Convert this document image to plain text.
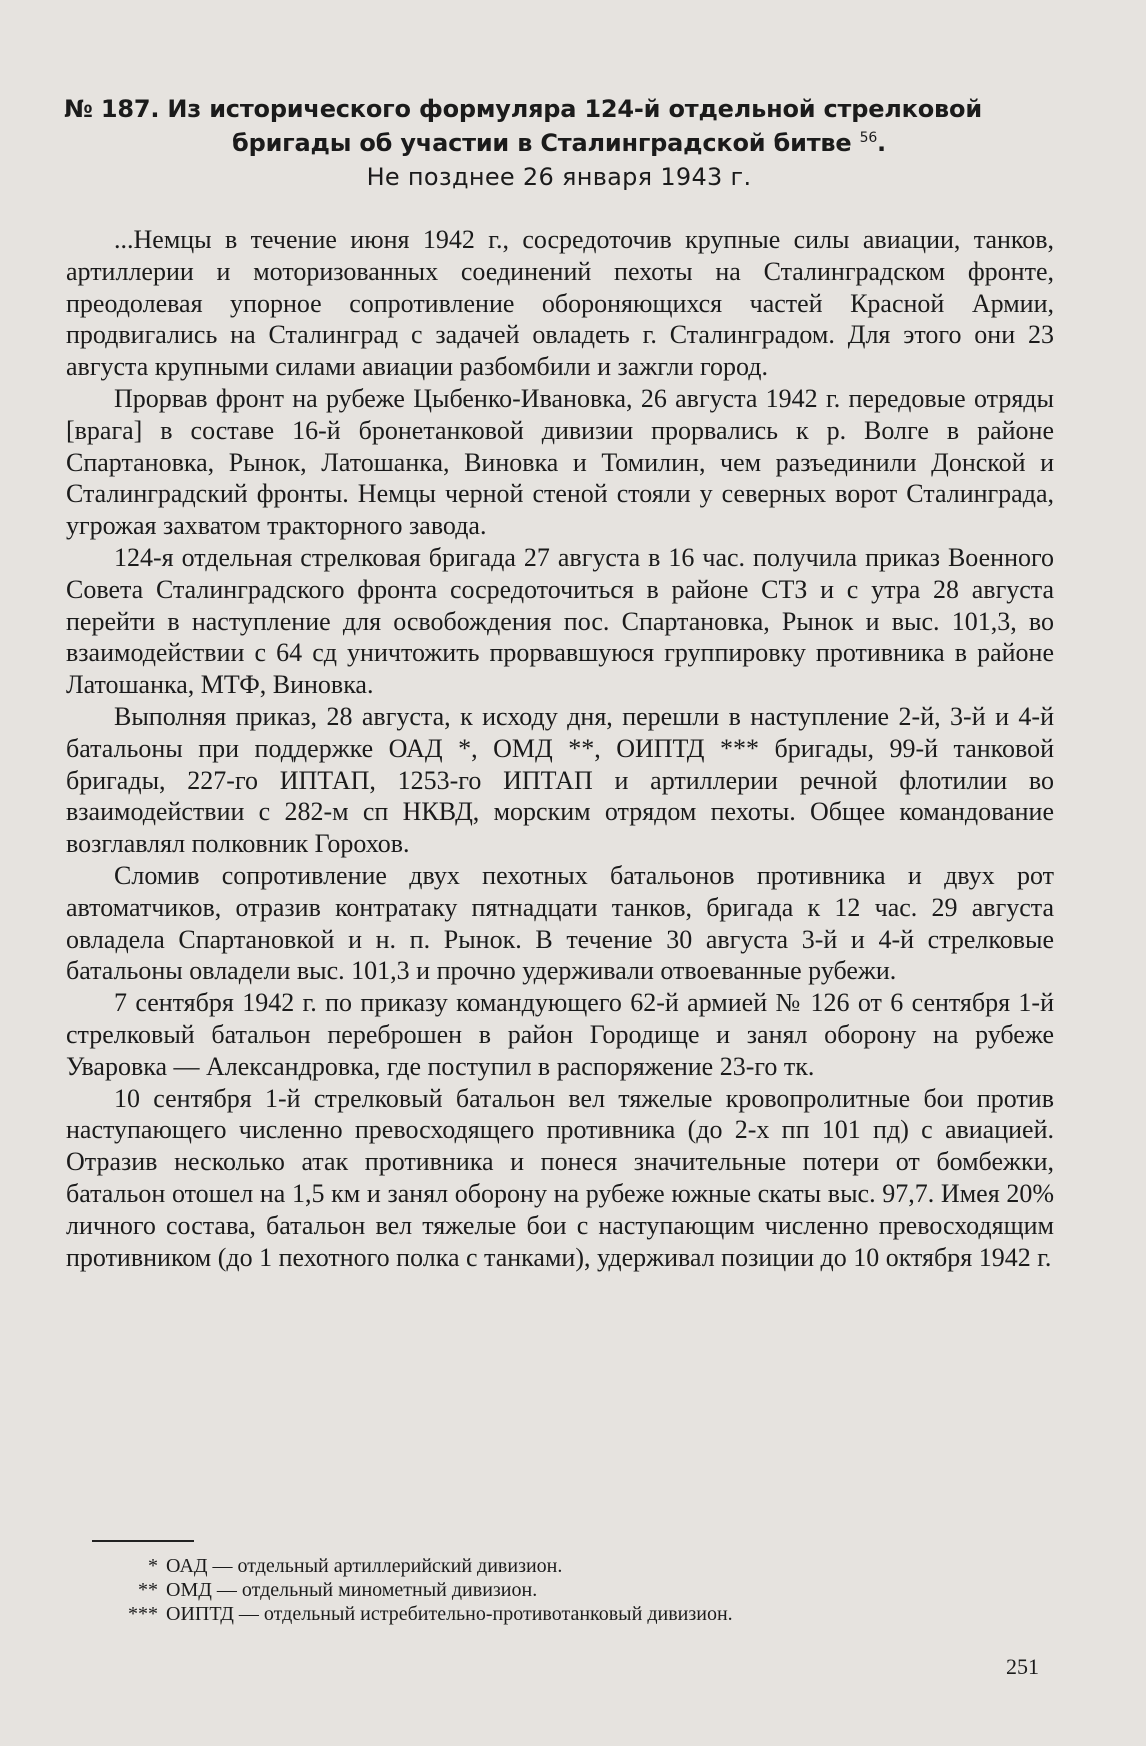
№ 187. Из исторического формуляра 124-й отдельной стрелковой
бригады об участии в Сталинградской битве $^{56}$.
Не позднее 26 января 1943 г.

...Немцы в течение июня 1942 г., сосредоточив крупные силы авиации, танков, артиллерии и моторизованных соединений пехоты на Сталинградском фронте, преодолевая упорное сопротивление обороняющихся частей Красной Армии, продвигались на Сталинград с задачей овладеть г. Сталинградом. Для этого они 23 августа крупными силами авиации разбомбили и зажгли город.

Прорвав фронт на рубеже Цыбенко-Ивановка, 26 августа 1942 г. передовые отряды [врага] в составе 16-й бронетанковой дивизии прорвались к р. Волге в районе Спартановка, Рынок, Латошанка, Виновка и Томилин, чем разъединили Донской и Сталинградский фронты. Немцы черной стеной стояли у северных ворот Сталинграда, угрожая захватом тракторного завода.

124-я отдельная стрелковая бригада 27 августа в 16 час. получила приказ Военного Совета Сталинградского фронта сосредоточиться в районе СТЗ и с утра 28 августа перейти в наступление для освобождения пос. Спартановка, Рынок и выс. 101,3, во взаимодействии с 64 сд уничтожить прорвавшуюся группировку противника в районе Латошанка, МТФ, Виновка.

Выполняя приказ, 28 августа, к исходу дня, перешли в наступление 2-й, 3-й и 4-й батальоны при поддержке ОАД *, ОМД **, ОИПТД *** бригады, 99-й танковой бригады, 227-го ИПТАП, 1253-го ИПТАП и артиллерии речной флотилии во взаимодействии с 282-м сп НКВД, морским отрядом пехоты. Общее командование возглавлял полковник Горохов.

Сломив сопротивление двух пехотных батальонов противника и двух рот автоматчиков, отразив контратаку пятнадцати танков, бригада к 12 час. 29 августа овладела Спартановкой и н. п. Рынок. В течение 30 августа 3-й и 4-й стрелковые батальоны овладели выс. 101,3 и прочно удерживали отвоеванные рубежи.

7 сентября 1942 г. по приказу командующего 62-й армией № 126 от 6 сентября 1-й стрелковый батальон переброшен в район Городище и занял оборону на рубеже Уваровка — Александровка, где поступил в распоряжение 23-го тк.

10 сентября 1-й стрелковый батальон вел тяжелые кровопролитные бои против наступающего численно превосходящего противника (до 2-х пп 101 пд) с авиацией. Отразив несколько атак противника и понеся значительные потери от бомбежки, батальон отошел на 1,5 км и занял оборону на рубеже южные скаты выс. 97,7. Имея 20% личного состава, батальон вел тяжелые бои с наступающим численно превосходящим противником (до 1 пехотного полка с танками), удерживал позиции до 10 октября 1942 г.

* ОАД — отдельный артиллерийский дивизион.
** ОМД — отдельный минометный дивизион.
*** ОИПТД — отдельный истребительно-противотанковый дивизион.
251
